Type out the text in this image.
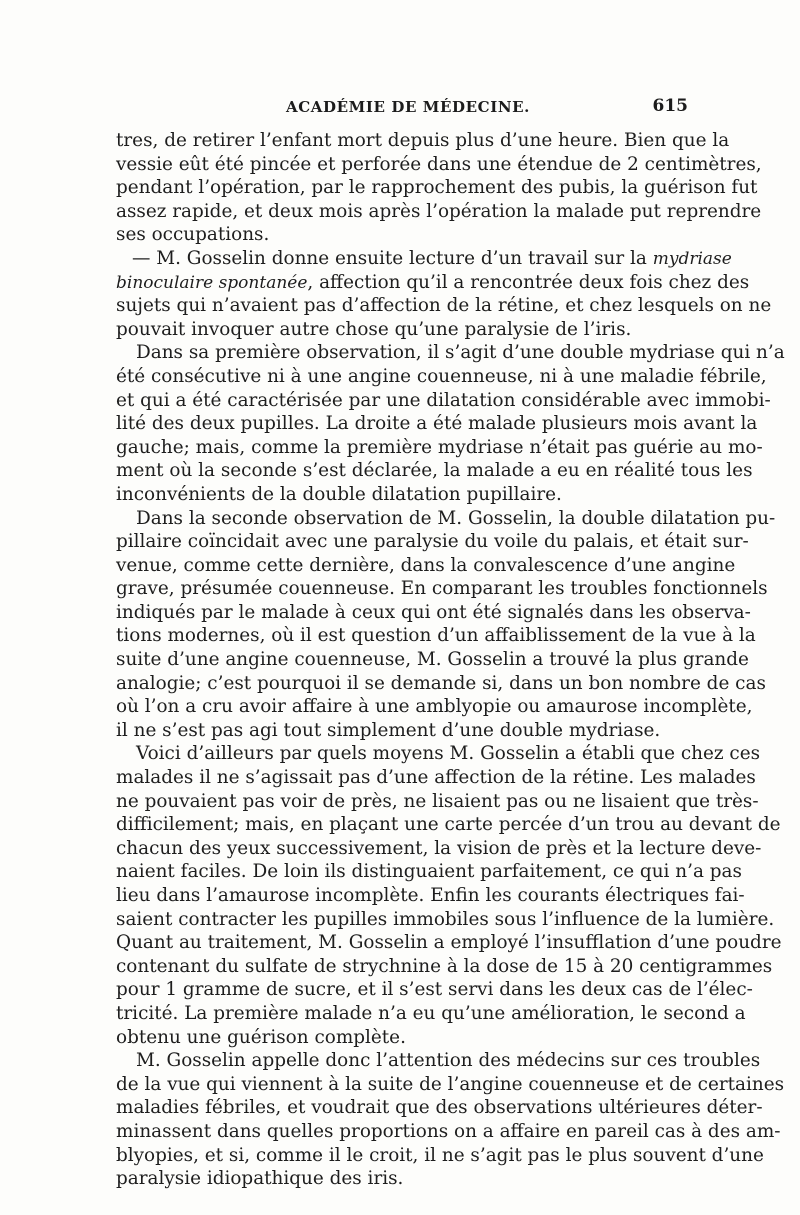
ACADÉMIE DE MÉDECINE.	615
tres, de retirer l’enfant mort depuis plus d’une heure. Bien que la
vessie eût été pincée et perforée dans une étendue de 2 centimètres,
pendant l’opération, par le rapprochement des pubis, la guérison fut
assez rapide, et deux mois après l’opération la malade put reprendre
ses occupations.
— M. Gosselin donne ensuite lecture d’un travail sur la mydriase
binoculaire spontanée, affection qu’il a rencontrée deux fois chez des
sujets qui n’avaient pas d’affection de la rétine, et chez lesquels on ne
pouvait invoquer autre chose qu’une paralysie de l’iris.
Dans sa première observation, il s’agit d’une double mydriase qui n’a
été consécutive ni à une angine couenneuse, ni à une maladie fébrile,
et qui a été caractérisée par une dilatation considérable avec immobi-
lité des deux pupilles. La droite a été malade plusieurs mois avant la
gauche; mais, comme la première mydriase n’était pas guérie au mo-
ment où la seconde s’est déclarée, la malade a eu en réalité tous les
inconvénients de la double dilatation pupillaire.
Dans la seconde observation de M. Gosselin, la double dilatation pu-
pillaire coïncidait avec une paralysie du voile du palais, et était sur-
venue, comme cette dernière, dans la convalescence d’une angine
grave, présumée couenneuse. En comparant les troubles fonctionnels
indiqués par le malade à ceux qui ont été signalés dans les observa-
tions modernes, où il est question d’un affaiblissement de la vue à la
suite d’une angine couenneuse, M. Gosselin a trouvé la plus grande
analogie; c’est pourquoi il se demande si, dans un bon nombre de cas
où l’on a cru avoir affaire à une amblyopie ou amaurose incomplète,
il ne s’est pas agi tout simplement d’une double mydriase.
Voici d’ailleurs par quels moyens M. Gosselin a établi que chez ces
malades il ne s’agissait pas d’une affection de la rétine. Les malades
ne pouvaient pas voir de près, ne lisaient pas ou ne lisaient que très-
difficilement; mais, en plaçant une carte percée d’un trou au devant de
chacun des yeux successivement, la vision de près et la lecture deve-
naient faciles. De loin ils distinguaient parfaitement, ce qui n’a pas
lieu dans l’amaurose incomplète. Enfin les courants électriques fai-
saient contracter les pupilles immobiles sous l’influence de la lumière.
Quant au traitement, M. Gosselin a employé l’insufflation d’une poudre
contenant du sulfate de strychnine à la dose de 15 à 20 centigrammes
pour 1 gramme de sucre, et il s’est servi dans les deux cas de l’élec-
tricité. La première malade n’a eu qu’une amélioration, le second a
obtenu une guérison complète.
M. Gosselin appelle donc l’attention des médecins sur ces troubles
de la vue qui viennent à la suite de l’angine couenneuse et de certaines
maladies fébriles, et voudrait que des observations ultérieures déter-
minassent dans quelles proportions on a affaire en pareil cas à des am-
blyopies, et si, comme il le croit, il ne s’agit pas le plus souvent d’une
paralysie idiopathique des iris.
